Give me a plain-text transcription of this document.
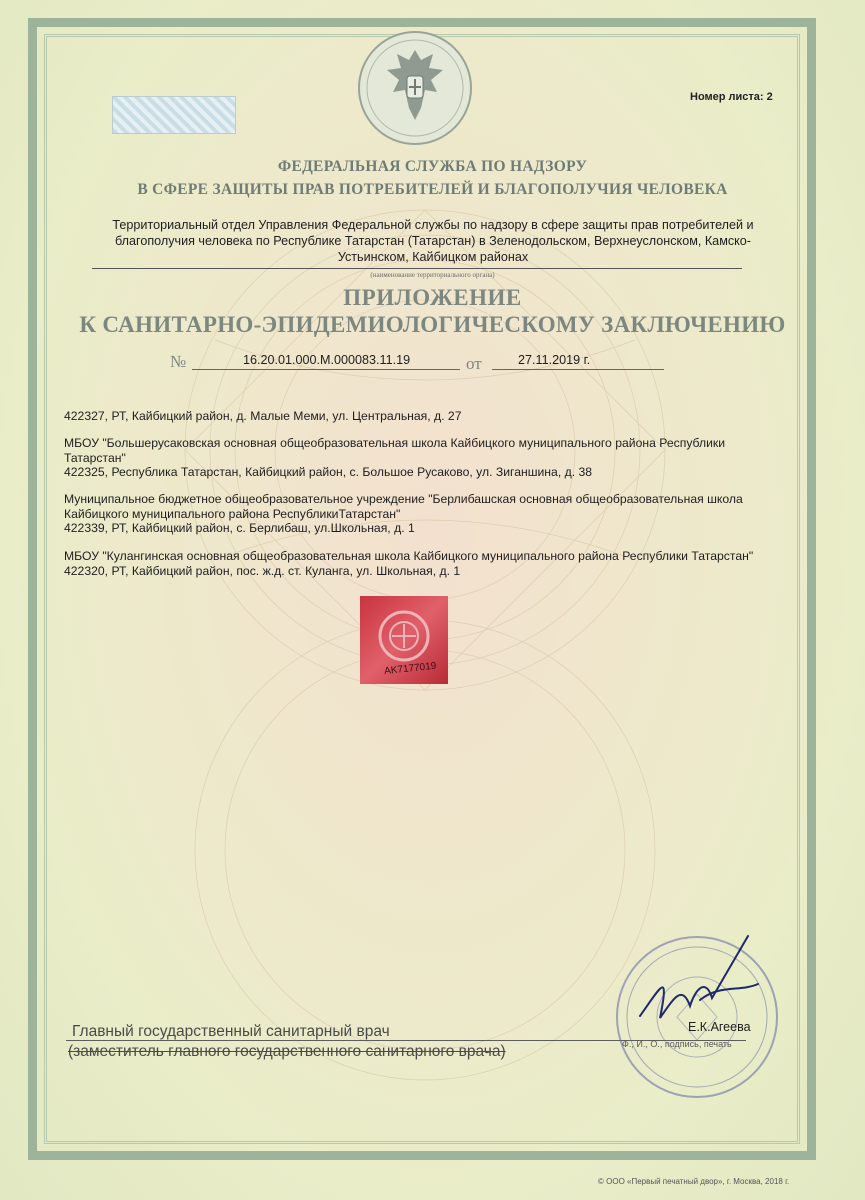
Номер листа: 2
ФЕДЕРАЛЬНАЯ СЛУЖБА ПО НАДЗОРУ
В СФЕРЕ ЗАЩИТЫ ПРАВ ПОТРЕБИТЕЛЕЙ И БЛАГОПОЛУЧИЯ ЧЕЛОВЕКА
Территориальный отдел Управления Федеральной службы по надзору в сфере защиты прав потребителей и благополучия человека по Республике Татарстан (Татарстан) в Зеленодольском, Верхнеуслонском, Камско-Устьинском, Кайбицком районах
(наименование территориального органа)
ПРИЛОЖЕНИЕ
К САНИТАРНО-ЭПИДЕМИОЛОГИЧЕСКОМУ ЗАКЛЮЧЕНИЮ
№	16.20.01.000.М.000083.11.19	от	27.11.2019 г.
422327, РТ, Кайбицкий район, д. Малые Меми, ул. Центральная, д. 27
МБОУ "Большерусаковская основная общеобразовательная школа Кайбицкого муниципального района Республики Татарстан"
422325, Республика Татарстан, Кайбицкий район, с. Большое Русаково, ул. Зиганшина, д. 38
Муниципальное бюджетное общеобразовательное учреждение "Берлибашская основная общеобразовательная школа Кайбицкого муниципального района РеспубликиТатарстан"
422339, РТ, Кайбицкий район, с. Берлибаш, ул.Школьная, д. 1
МБОУ "Кулангинская основная общеобразовательная школа Кайбицкого муниципального района Республики Татарстан"
422320, РТ, Кайбицкий район, пос. ж.д. ст. Куланга, ул. Школьная, д. 1
AK7177019
Главный государственный санитарный врач
(заместитель главного государственного санитарного врача)
Е.К.Агеева
Ф., И., О., подпись, печать
© ООО «Первый печатный двор», г. Москва, 2018 г.
